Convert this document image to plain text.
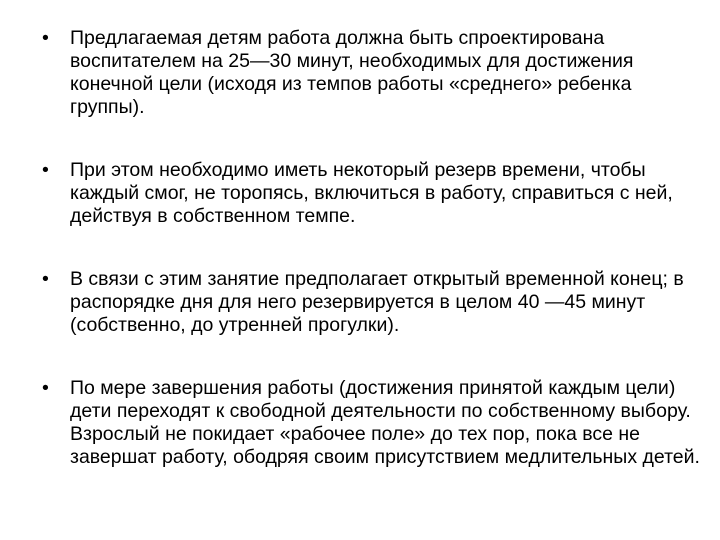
•	Предлагаемая детям работа должна быть спроектирована воспитателем на 25—30 минут, необходимых для достижения конечной цели (исходя из темпов работы «среднего» ребенка группы).
•	При этом необходимо иметь некоторый резерв времени, чтобы каждый смог, не торопясь, включиться в работу, справиться с ней, действуя в собственном темпе.
•	В связи с этим занятие предполагает открытый временной конец; в распорядке дня для него резервируется в целом 40 —45 минут (собственно, до утренней прогулки).
•	По мере завершения работы (достижения принятой каждым цели) дети переходят к свободной деятельности по собственному выбору. Взрослый не покидает «рабочее поле» до тех пор, пока все не завершат работу, ободряя своим присутствием медлительных детей.
